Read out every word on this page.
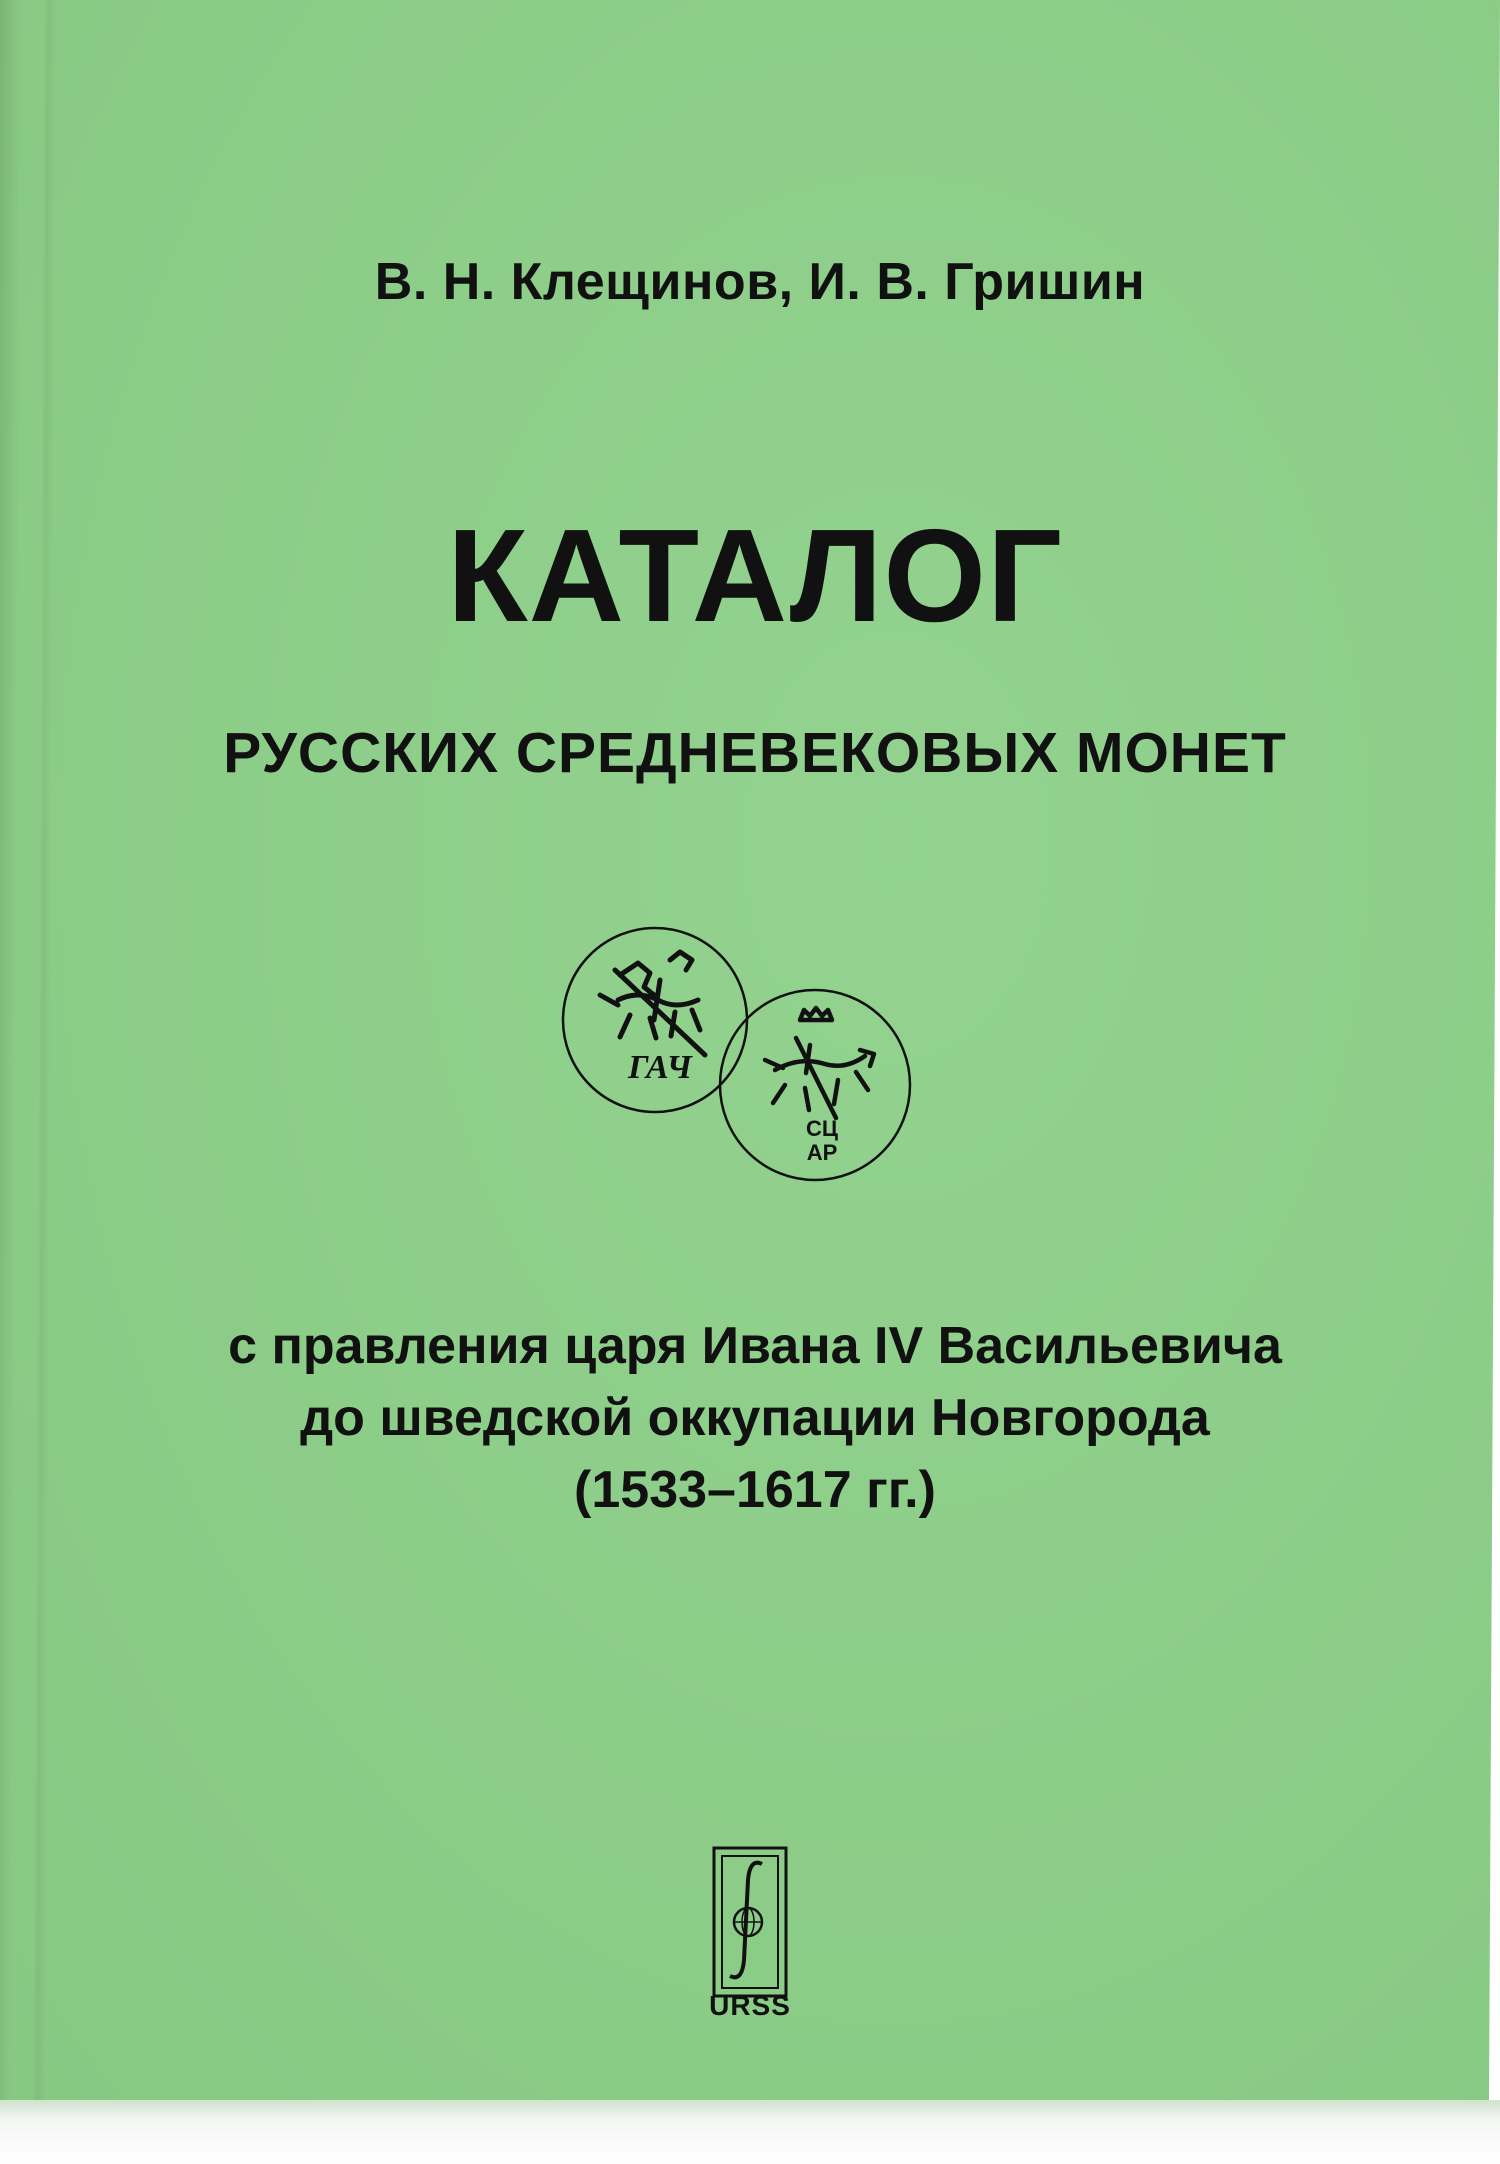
В. Н. Клещинов, И. В. Гришин
КАТАЛОГ
РУССКИХ СРЕДНЕВЕКОВЫХ МОНЕТ
ГАЧ
СЦ
АР
с правления царя Ивана IV Васильевича
до шведской оккупации Новгорода
(1533–1617 гг.)
URSS
